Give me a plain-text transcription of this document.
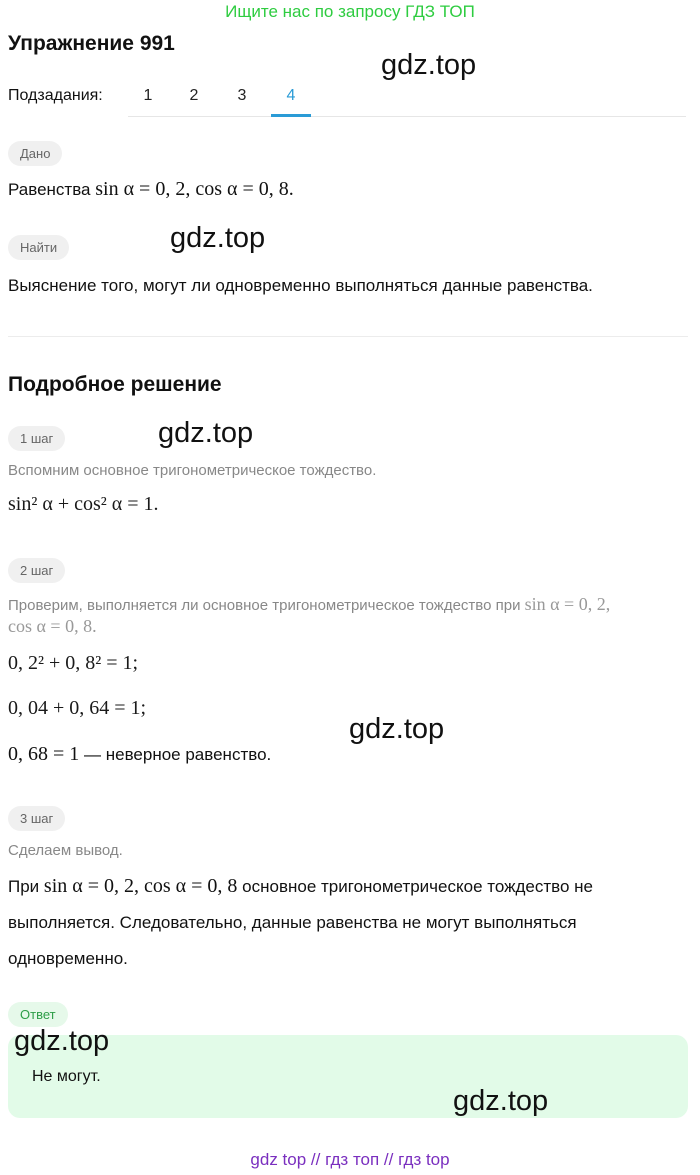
Ищите нас по запросу ГДЗ ТОП
Упражнение 991
gdz.top
Подзадания:	1	2	3	4
Дано
Равенства sin α = 0, 2, cos α = 0, 8.
Найти	gdz.top
Выяснение того, могут ли одновременно выполняться данные равенства.
Подробное решение
1 шаг	gdz.top
Вспомним основное тригонометрическое тождество.
sin² α + cos² α = 1.
2 шаг
Проверим, выполняется ли основное тригонометрическое тождество при sin α = 0, 2,
cos α = 0, 8.
0, 2² + 0, 8² = 1;
0, 04 + 0, 64 = 1;
gdz.top
0, 68 = 1 — неверное равенство.
3 шаг
Сделаем вывод.
При sin α = 0, 2, cos α = 0, 8 основное тригонометрическое тождество не
выполняется. Следовательно, данные равенства не могут выполняться
одновременно.
Ответ
gdz.top
Не могут.
gdz.top
gdz top // гдз топ // гдз top
